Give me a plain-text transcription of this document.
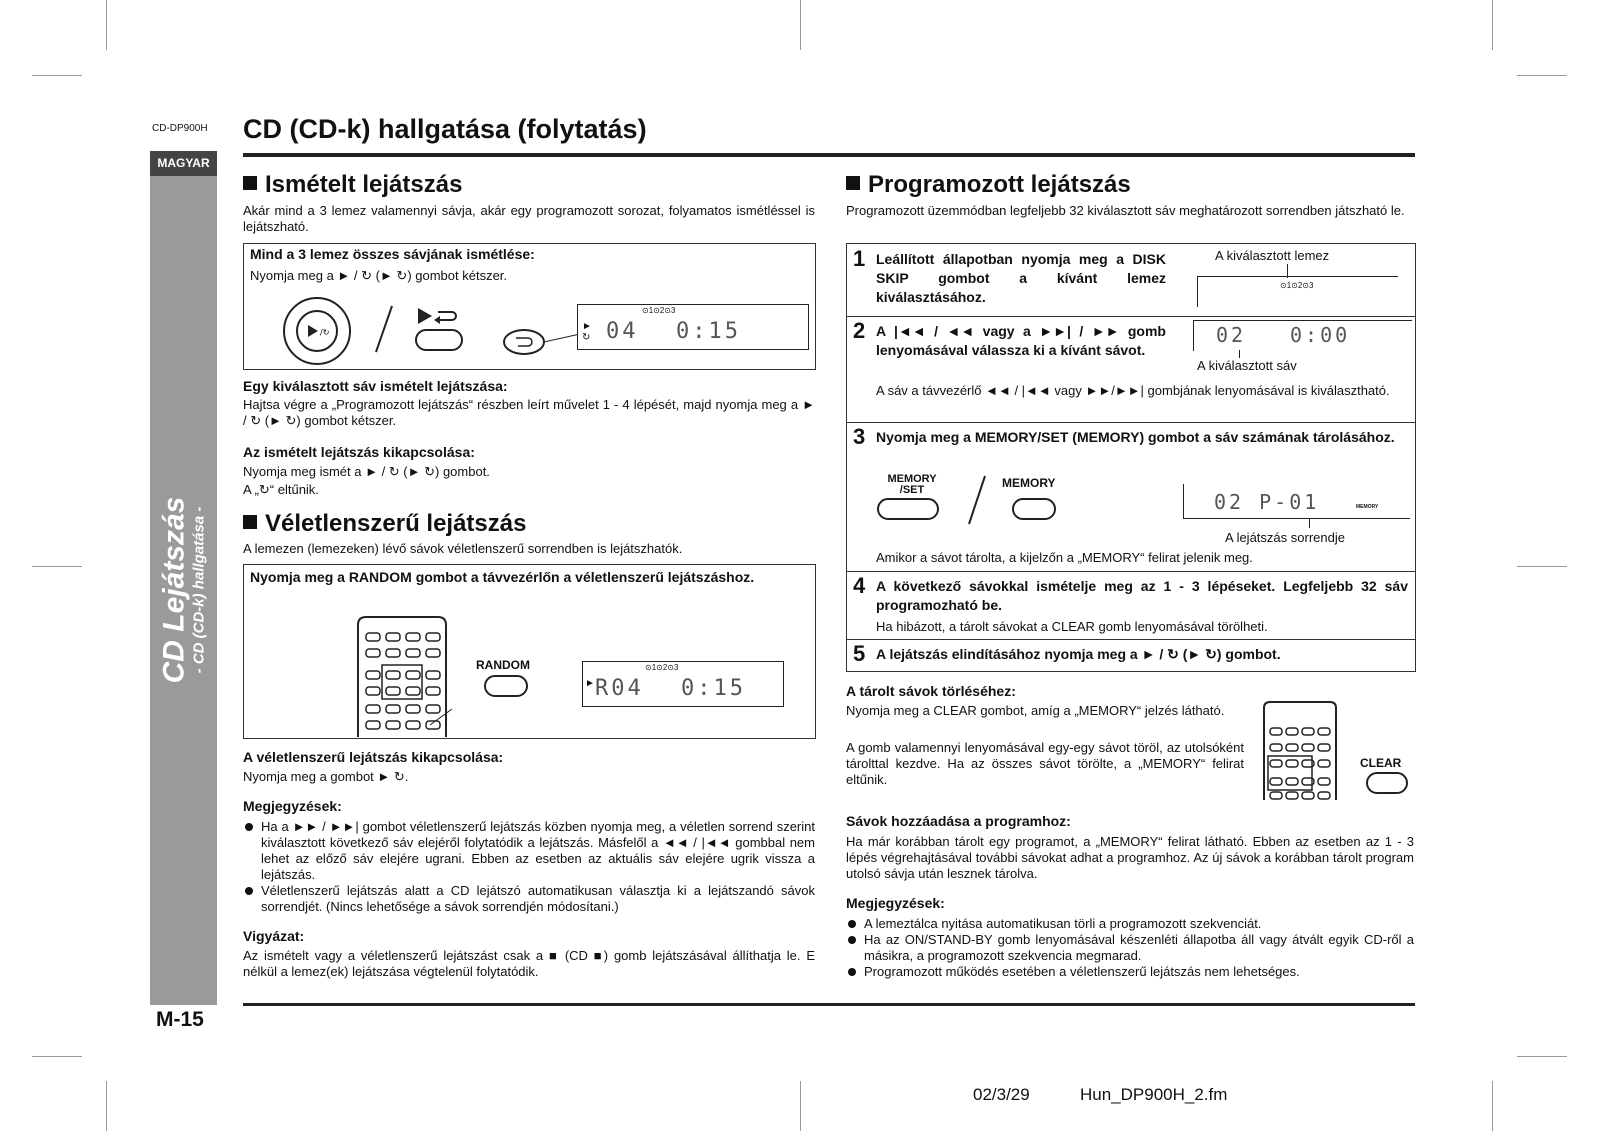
CD-DP900H CD (CD-k) hallgatása (folytatás)
MAGYAR
CD Lejátszás - CD (CD-k) hallgatása -
Ismételt lejátszás
Akár mind a 3 lemez valamennyi sávja, akár egy programozott sorozat, folyamatos ismétléssel is lejátszható.
Mind a 3 lemez összes sávjának ismétlése:
Nyomja meg a ► / ↻ (► ↻) gombot kétszer.
/↻
⊙1⊙2⊙3
►
↻ 04 0:15
Egy kiválasztott sáv ismételt lejátszása:
Hajtsa végre a „Programozott lejátszás“ részben leírt művelet 1 - 4 lépését, majd nyomja meg a ► / ↻ (► ↻) gombot kétszer.
Az ismételt lejátszás kikapcsolása:
Nyomja meg ismét a ► / ↻ (► ↻) gombot.
A „↻“ eltűnik.
Véletlenszerű lejátszás
A lemezen (lemezeken) lévő sávok véletlenszerű sorrendben is lejátszhatók.
Nyomja meg a RANDOM gombot a távvezérlőn a véletlenszerű lejátszáshoz.
RANDOM	⊙1⊙2⊙3
► R04 0:15
A véletlenszerű lejátszás kikapcsolása:
Nyomja meg a gombot ► ↻.
Megjegyzések:
Ha a ►► / ►►| gombot véletlenszerű lejátszás közben nyomja meg, a véletlen sorrend szerint kiválasztott következő sáv elejéről folytatódik a lejátszás. Másfelől a ◄◄ / |◄◄ gombbal nem lehet az előző sáv elejére ugrani. Ebben az esetben az aktuális sáv elejére ugrik vissza a lejátszás.
Véletlenszerű lejátszás alatt a CD lejátszó automatikusan választja ki a lejátszandó sávok sorrendjét. (Nincs lehetősége a sávok sorrendjén módosítani.)
Vigyázat:
Az ismételt vagy a véletlenszerű lejátszást csak a ■ (CD ■) gomb lejátszásával állíthatja le. E nélkül a lemez(ek) lejátszása végtelenül folytatódik.
Programozott lejátszás
Programozott üzemmódban legfeljebb 32 kiválasztott sáv meghatározott sorrendben játszható le.
1 Leállított állapotban nyomja meg a DISK SKIP gombot a kívánt lemez kiválasztásához.
A kiválasztott lemez
⊙1⊙2⊙3
2 A |◄◄ / ◄◄ vagy a ►►| / ►► gomb lenyomásával válassza ki a kívánt sávot.
02 0:00
A kiválasztott sáv
A sáv a távvezérlő ◄◄ / |◄◄ vagy ►►/►►| gombjának lenyomásával is kiválasztható.
3 Nyomja meg a MEMORY/SET (MEMORY) gombot a sáv számának tárolásához.
MEMORY /SET	MEMORY
02 P-01	MEMORY
A lejátszás sorrendje
Amikor a sávot tárolta, a kijelzőn a „MEMORY“ felirat jelenik meg.
4 A következő sávokkal ismételje meg az 1 - 3 lépéseket. Legfeljebb 32 sáv programozható be.
Ha hibázott, a tárolt sávokat a CLEAR gomb lenyomásával törölheti.
5 A lejátszás elindításához nyomja meg a ► / ↻ (► ↻) gombot.
A tárolt sávok törléséhez:
Nyomja meg a CLEAR gombot, amíg a „MEMORY“ jelzés látható.
A gomb valamennyi lenyomásával egy-egy sávot töröl, az utolsóként tárolttal kezdve. Ha az összes sávot törölte, a „MEMORY“ felirat eltűnik.
CLEAR
Sávok hozzáadása a programhoz:
Ha már korábban tárolt egy programot, a „MEMORY“ felirat látható. Ebben az esetben az 1 - 3 lépés végrehajtásával további sávokat adhat a programhoz. Az új sávok a korábban tárolt program utolsó sávja után lesznek tárolva.
Megjegyzések:
A lemeztálca nyitása automatikusan törli a programozott szekvenciát.
Ha az ON/STAND-BY gomb lenyomásával készenléti állapotba áll vagy átvált egyik CD-ről a másikra, a programozott szekvencia megmarad.
Programozott működés esetében a véletlenszerű lejátszás nem lehetséges.
M-15
02/3/29	Hun_DP900H_2.fm
